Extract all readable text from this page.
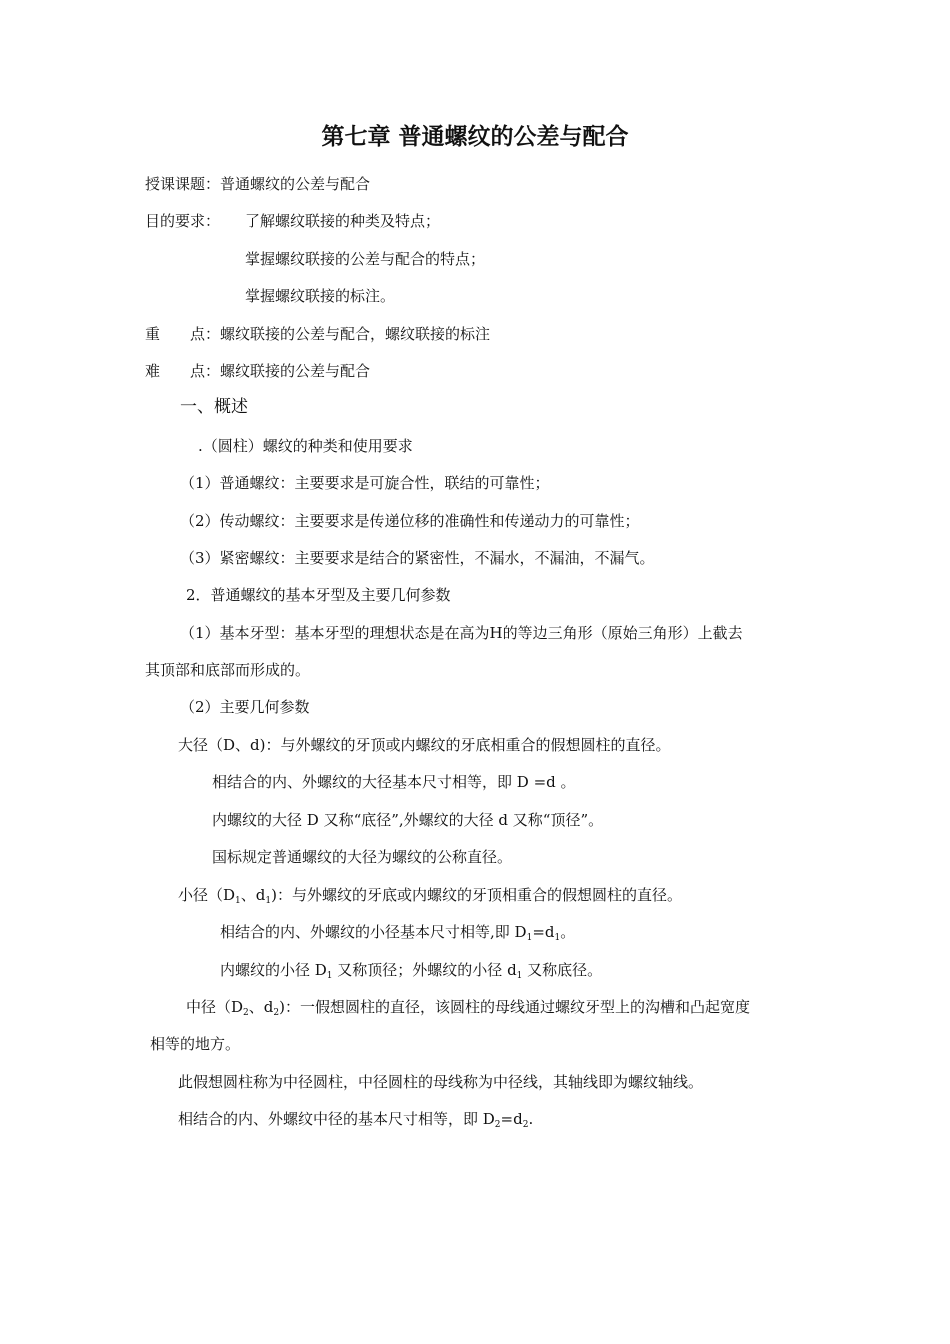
第七章 普通螺纹的公差与配合
授课课题：普通螺纹的公差与配合
目的要求： 了解螺纹联接的种类及特点；
掌握螺纹联接的公差与配合的特点；
掌握螺纹联接的标注。
重　　点：螺纹联接的公差与配合，螺纹联接的标注
难　　点：螺纹联接的公差与配合
一、概述
.（圆柱）螺纹的种类和使用要求
（1）普通螺纹：主要要求是可旋合性，联结的可靠性；
（2）传动螺纹：主要要求是传递位移的准确性和传递动力的可靠性；
（3）紧密螺纹：主要要求是结合的紧密性，不漏水，不漏油，不漏气。
2．普通螺纹的基本牙型及主要几何参数
（1）基本牙型：基本牙型的理想状态是在高为H的等边三角形（原始三角形）上截去
其顶部和底部而形成的。
（2）主要几何参数
大径（D、d)：与外螺纹的牙顶或内螺纹的牙底相重合的假想圆柱的直径。
相结合的内、外螺纹的大径基本尺寸相等，即 D =d 。
内螺纹的大径 D 又称“底径”,外螺纹的大径 d 又称“顶径”。
国标规定普通螺纹的大径为螺纹的公称直径。
小径（$D_1$、$d_1$)：与外螺纹的牙底或内螺纹的牙顶相重合的假想圆柱的直径。
相结合的内、外螺纹的小径基本尺寸相等,即 $D_1=d_1$。
内螺纹的小径 $D_1$ 又称顶径；外螺纹的小径 $d_1$ 又称底径。
中径（$D_2$、$d_2$)：一假想圆柱的直径，该圆柱的母线通过螺纹牙型上的沟槽和凸起宽度
相等的地方。
此假想圆柱称为中径圆柱，中径圆柱的母线称为中径线，其轴线即为螺纹轴线。
相结合的内、外螺纹中径的基本尺寸相等，即 $D_2=d_2$.
